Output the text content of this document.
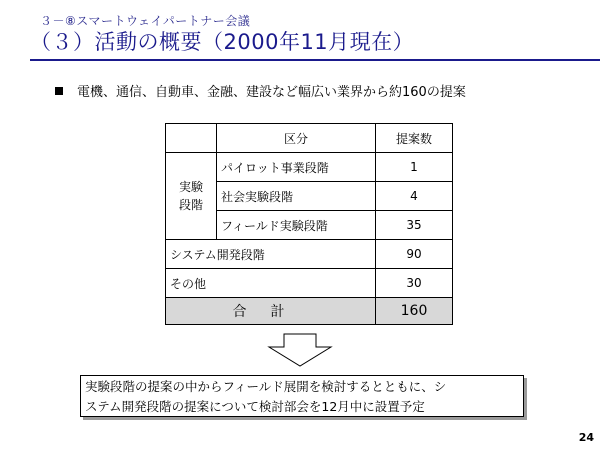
３－⑧スマートウェイパートナー会議
（３）活動の概要（2000年11月現在）
電機、通信、自動車、金融、建設など幅広い業界から約160の提案
	区分	提案数
実験
段階	パイロット事業段階	1
	社会実験段階	4
	フィールド実験段階	35
システム開発段階		90
その他		30
合計		160
実験段階の提案の中からフィールド展開を検討するとともに、シ
ステム開発段階の提案について検討部会を12月中に設置予定
24
